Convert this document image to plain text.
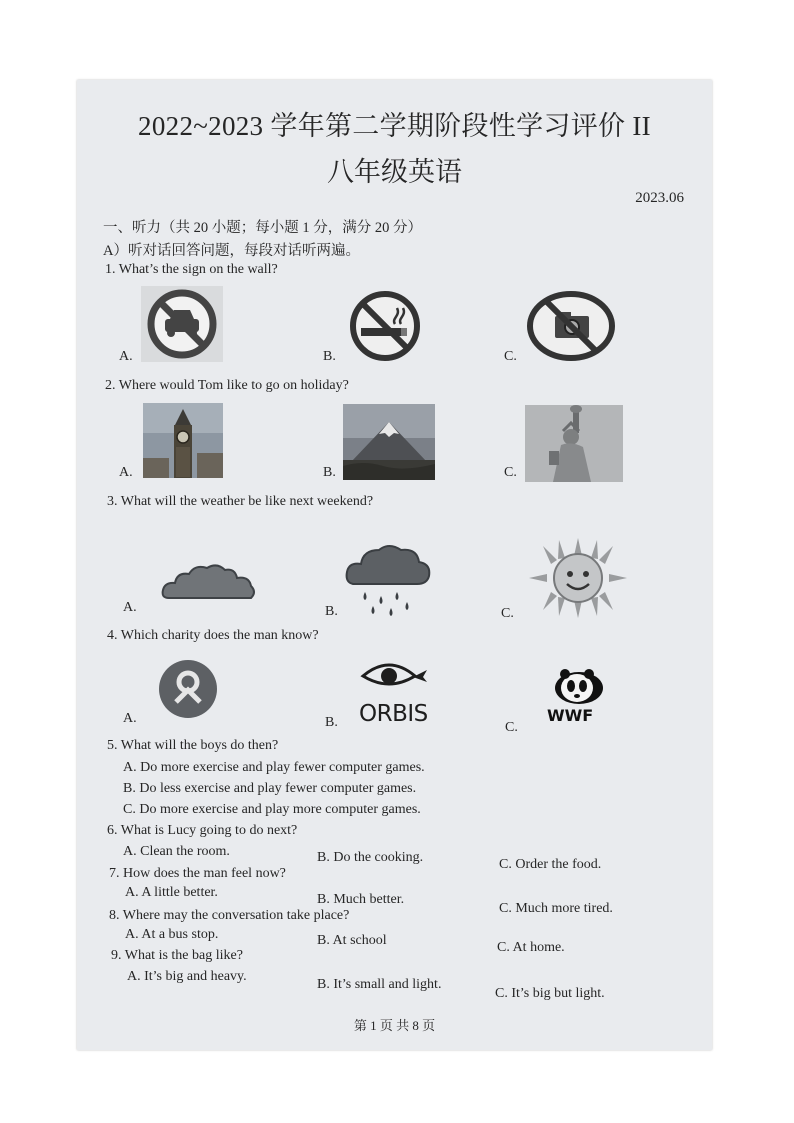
2022~2023 学年第二学期阶段性学习评价 II
八年级英语
2023.06
一、听力（共 20 小题；每小题 1 分，满分 20 分）
A）听对话回答问题，每段对话听两遍。
1. What’s the sign on the wall?
A.	B.	C.
2. Where would Tom like to go on holiday?
A.	B.	C.
3. What will the weather be like next weekend?
A.	B.	C.
4. Which charity does the man know?
A.	B. ORBIS
C.
WWF
5. What will the boys do then?
A. Do more exercise and play fewer computer games.
B. Do less exercise and play fewer computer games.
C. Do more exercise and play more computer games.
6. What is Lucy going to do next?
A. Clean the room.	B. Do the cooking.	C. Order the food.
7. How does the man feel now?
A. A little better.	B. Much better.
C. Much more tired.
8. Where may the conversation take place?
A. At a bus stop.	B. At school	C. At home.
9. What is the bag like?
A. It’s big and heavy.
B. It’s small and light.
C. It’s big but light.
第 1 页 共 8 页
